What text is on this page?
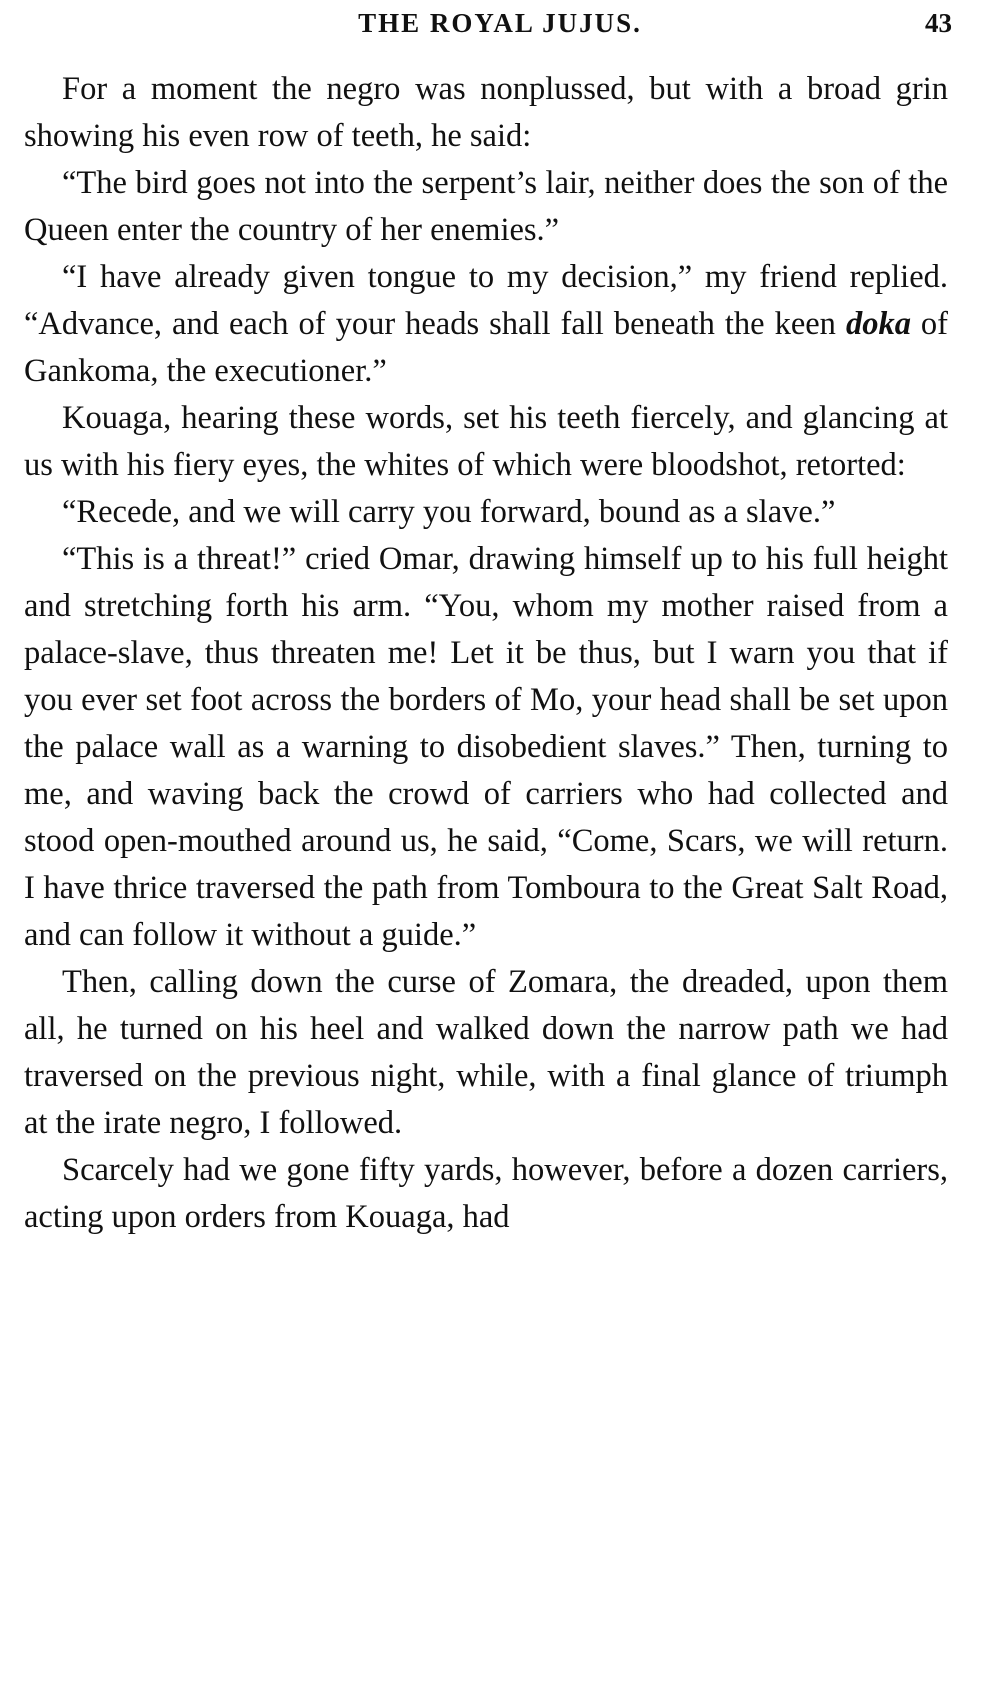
THE ROYAL JUJUS.	43

For a moment the negro was nonplussed, but with a broad grin showing his even row of teeth, he said:

“The bird goes not into the serpent’s lair, neither does the son of the Queen enter the country of her enemies.”

“I have already given tongue to my decision,” my friend replied. “Advance, and each of your heads shall fall beneath the keen doka of Gankoma, the executioner.”

Kouaga, hearing these words, set his teeth fiercely, and glancing at us with his fiery eyes, the whites of which were bloodshot, retorted:

“Recede, and we will carry you forward, bound as a slave.”

“This is a threat!” cried Omar, drawing himself up to his full height and stretching forth his arm. “You, whom my mother raised from a palace-slave, thus threaten me! Let it be thus, but I warn you that if you ever set foot across the borders of Mo, your head shall be set upon the palace wall as a warning to disobedient slaves.” Then, turning to me, and waving back the crowd of carriers who had collected and stood open-mouthed around us, he said, “Come, Scars, we will return. I have thrice traversed the path from Tomboura to the Great Salt Road, and can follow it without a guide.”

Then, calling down the curse of Zomara, the dreaded, upon them all, he turned on his heel and walked down the narrow path we had traversed on the previous night, while, with a final glance of triumph at the irate negro, I followed.

Scarcely had we gone fifty yards, however, before a dozen carriers, acting upon orders from Kouaga, had
